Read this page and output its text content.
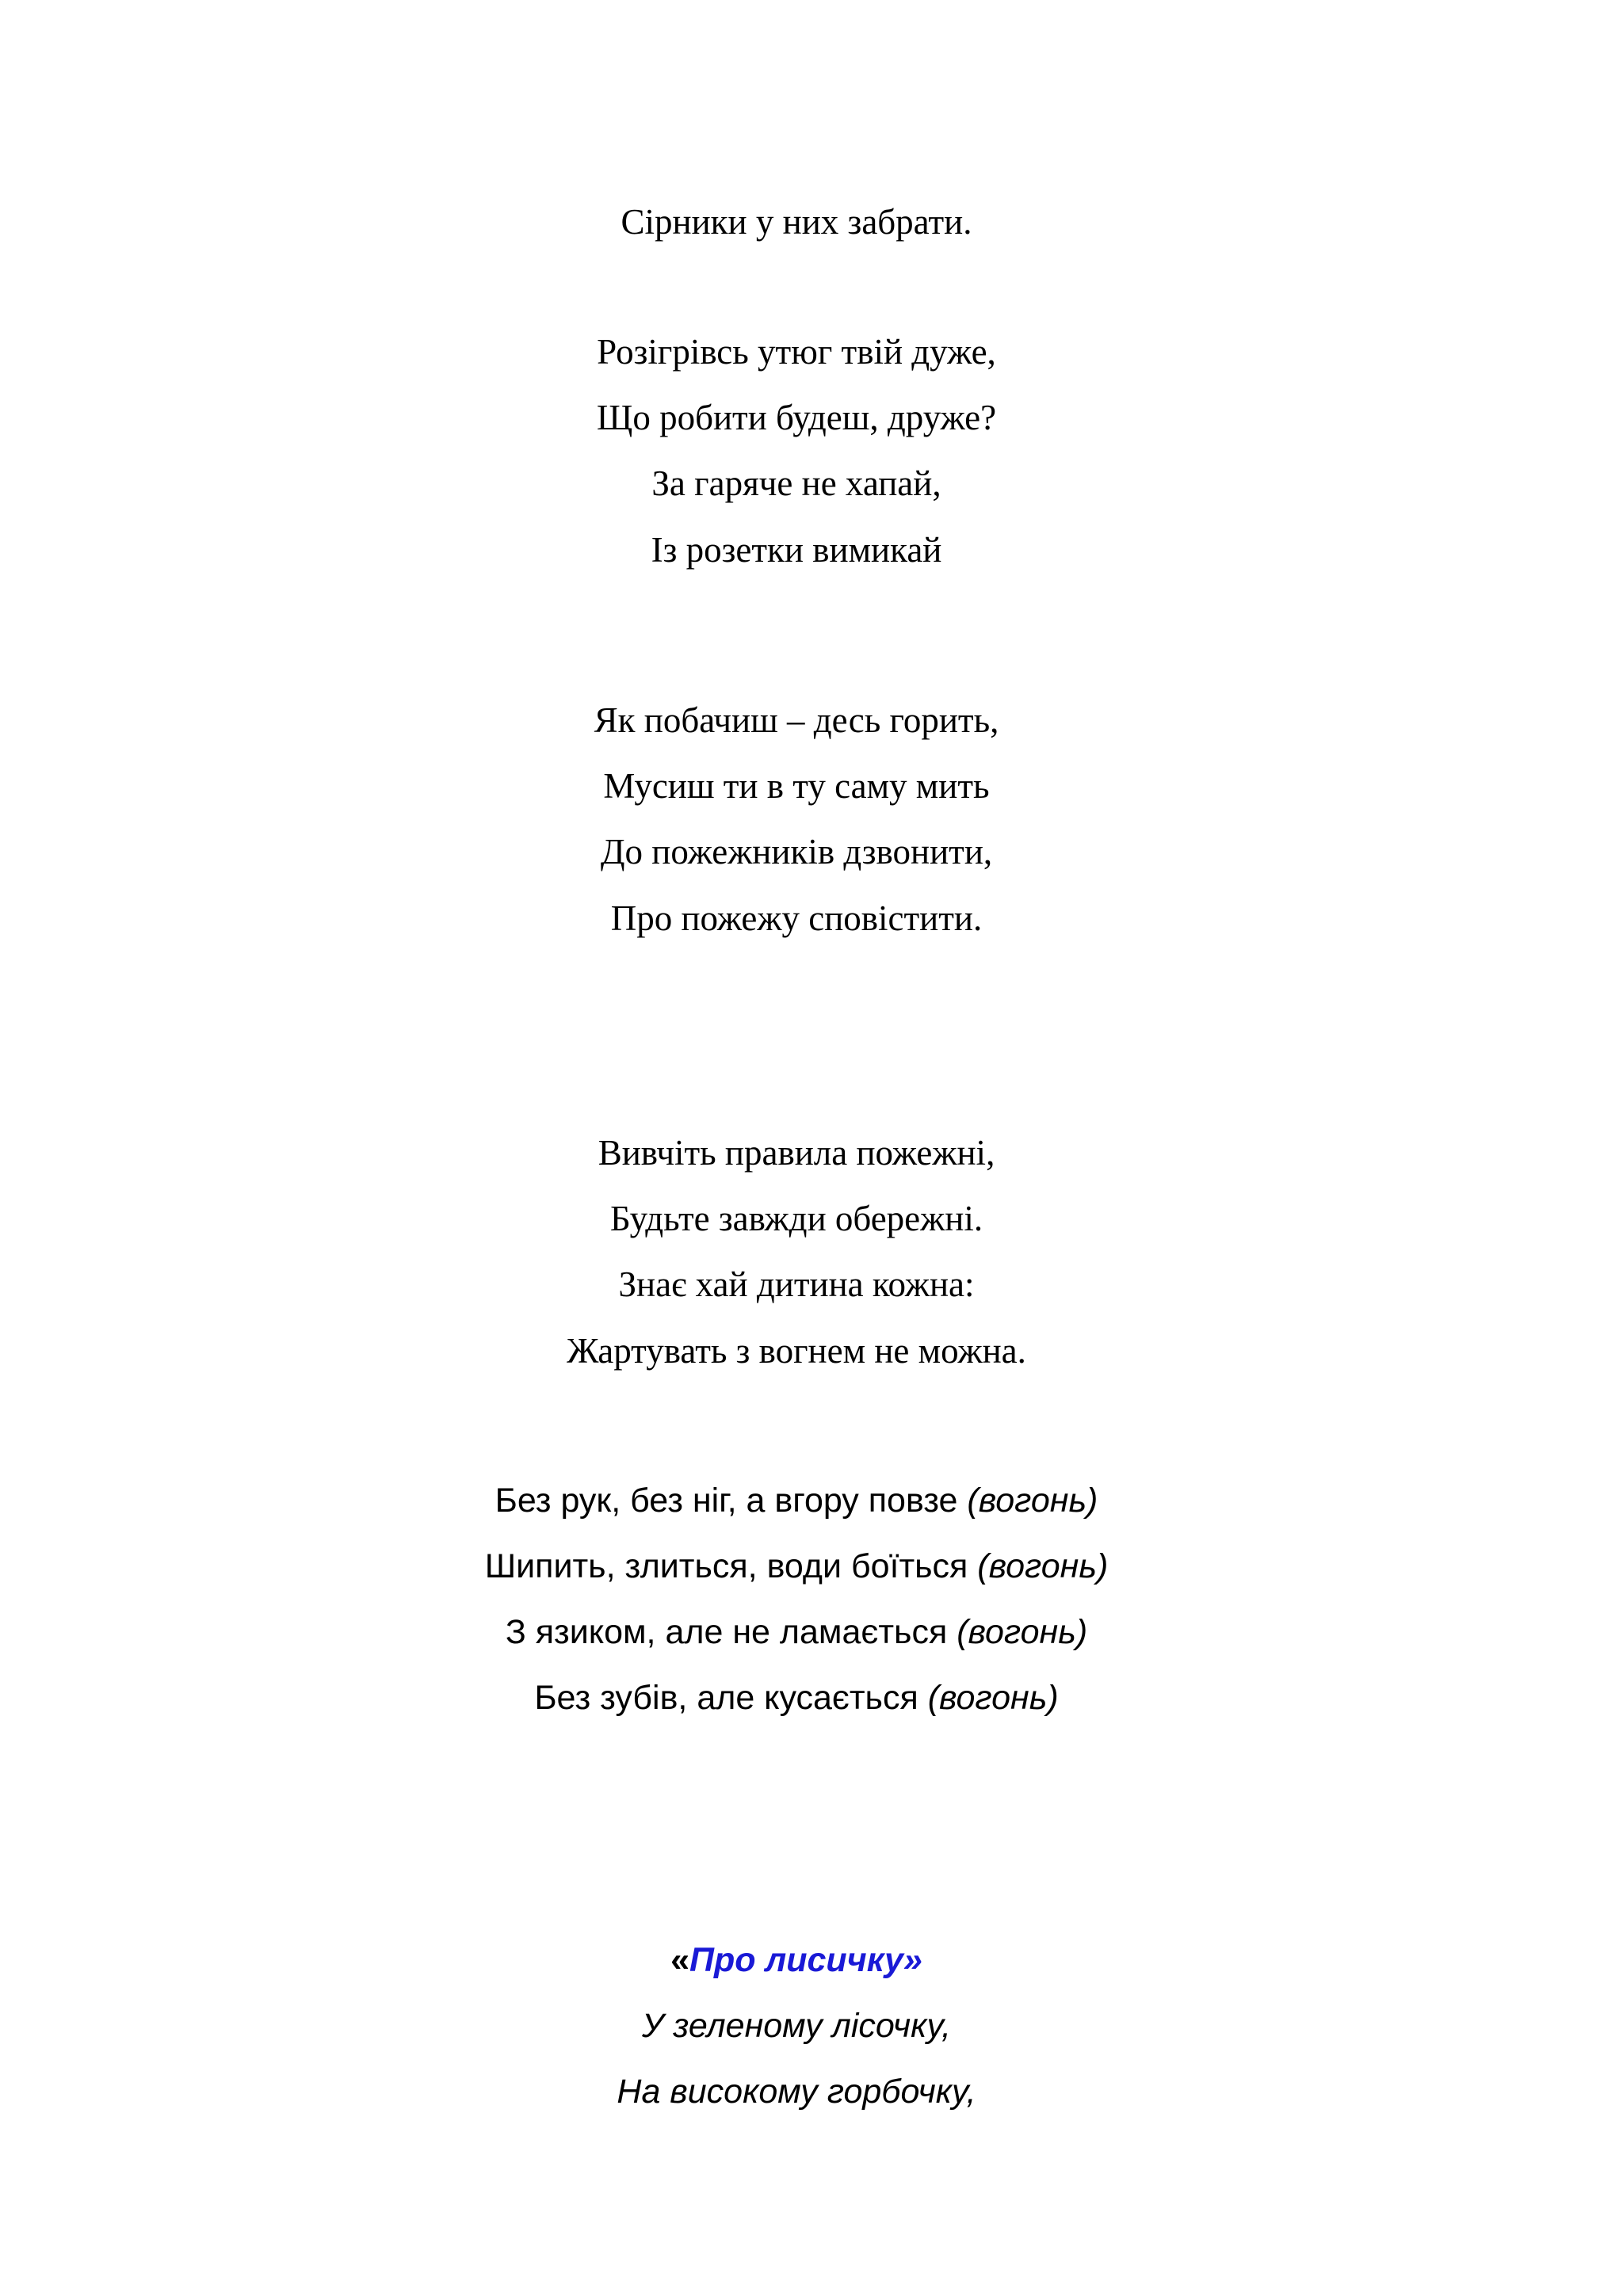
Сірники у них забрати.
Розігрівсь утюг твій дуже,
Що робити будеш, друже?
За гаряче не хапай,
Із розетки вимикай
Як побачиш – десь горить,
Мусиш ти в ту саму мить
До пожежників дзвонити,
Про пожежу сповістити.
Вивчіть правила пожежні,
Будьте завжди обережні.
Знає хай дитина кожна:
Жартувать з вогнем не можна.
Без рук, без ніг, а вгору повзе (вогонь)
Шипить, злиться, води боїться (вогонь)
З язиком, але не ламається (вогонь)
Без зубів, але кусається (вогонь)
«Про лисичку»
У зеленому лісочку,
На високому горбочку,
